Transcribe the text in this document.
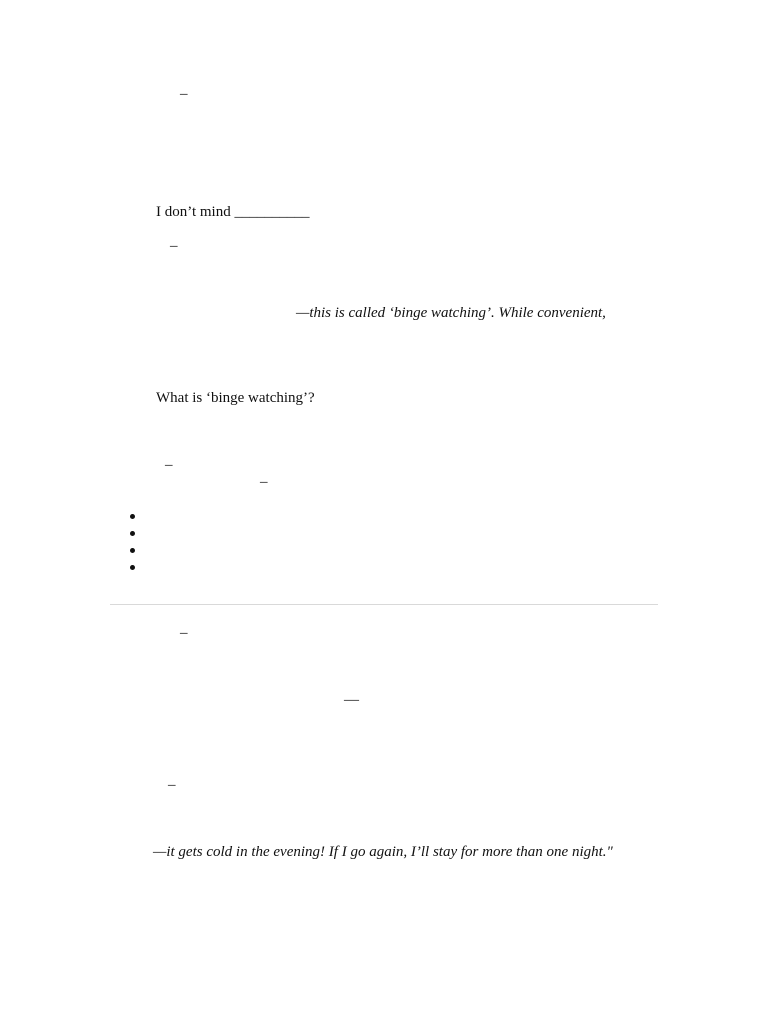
–
I don’t mind __________
–
—this is called ‘binge watching’. While convenient,
What is ‘binge watching’?
–
–
–
—
–
—it gets cold in the evening! If I go again, I’ll stay for more than one night."
